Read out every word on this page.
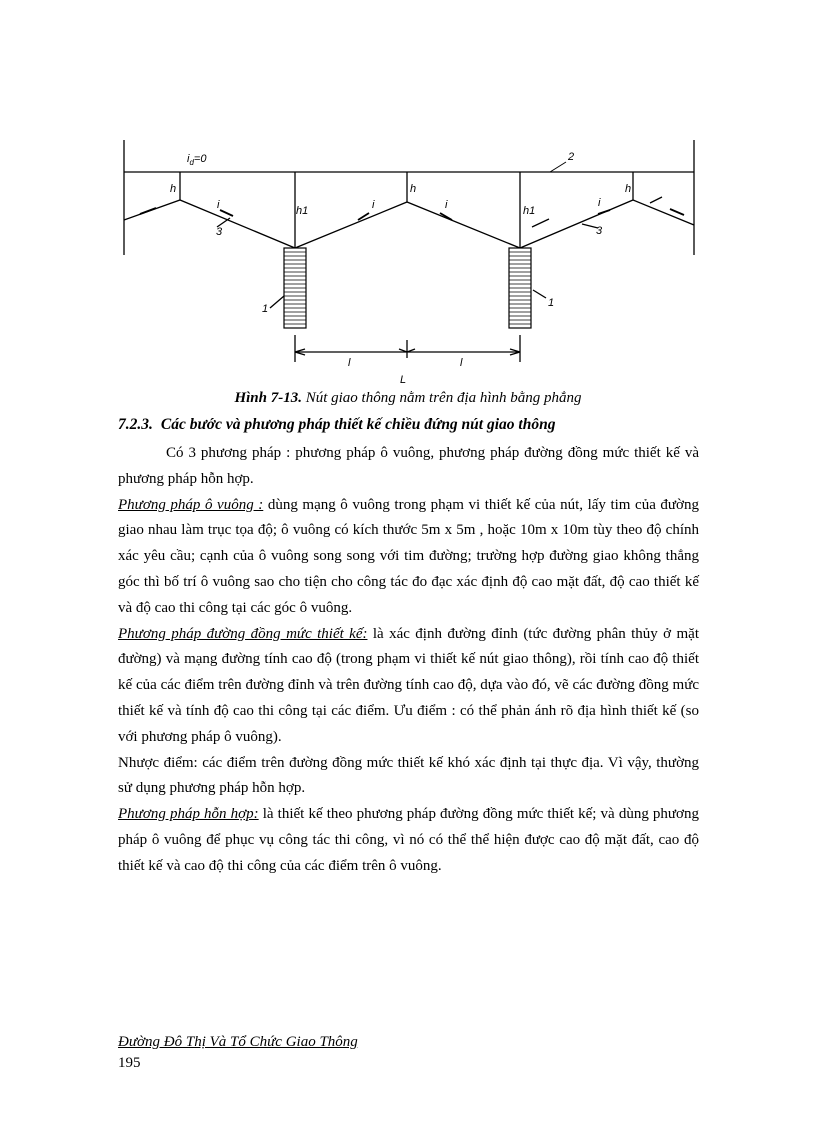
$i_d=0$	2
h	h	h
h1	h1
i	i	i	i
3	3
1	1
l	l
L
Hình 7-13. Nút giao thông nằm trên địa hình bằng phẳng
7.2.3. Các bước và phương pháp thiết kế chiều đứng nút giao thông

Có 3 phương pháp : phương pháp ô vuông, phương pháp đường đồng mức thiết kế và phương pháp hỗn hợp.

Phương pháp ô vuông : dùng mạng ô vuông trong phạm vi thiết kế của nút, lấy tim của đường giao nhau làm trục tọa độ; ô vuông có kích thước 5m x 5m , hoặc 10m x 10m tùy theo độ chính xác yêu cầu; cạnh của ô vuông song song với tim đường; trường hợp đường giao không thẳng góc thì bố trí ô vuông sao cho tiện cho công tác đo đạc xác định độ cao mặt đất, độ cao thiết kế và độ cao thi công tại các góc ô vuông.

Phương pháp đường đồng mức thiết kế: là xác định đường đỉnh (tức đường phân thủy ở mặt đường) và mạng đường tính cao độ (trong phạm vi thiết kế nút giao thông), rồi tính cao độ thiết kế của các điểm trên đường đỉnh và trên đường tính cao độ, dựa vào đó, vẽ các đường đồng mức thiết kế và tính độ cao thi công tại các điểm. Ưu điểm : có thể phản ánh rõ địa hình thiết kế (so với phương pháp ô vuông).

Nhược điểm: các điểm trên đường đồng mức thiết kế khó xác định tại thực địa. Vì vậy, thường sử dụng phương pháp hỗn hợp.

Phương pháp hỗn hợp: là thiết kế theo phương pháp đường đồng mức thiết kế; và dùng phương pháp ô vuông để phục vụ công tác thi công, vì nó có thể thể hiện được cao độ mặt đất, cao độ thiết kế và cao độ thi công của các điểm trên ô vuông.

Đường Đô Thị Và Tổ Chức Giao Thông
195
